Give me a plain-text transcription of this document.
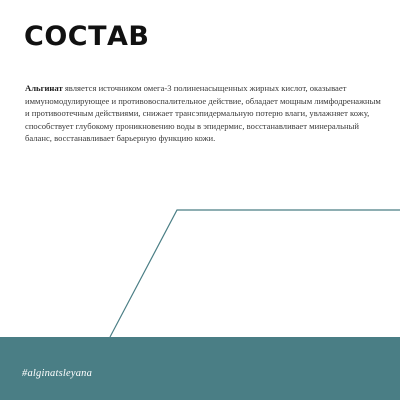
СОСТАВ
Альгинат является источником омега-3 полиненасыщенных жирных кислот, оказывает иммуномодулирующее и противовоспалительное действие, обладает мощным лимфодренажным и противоотечным действиями, снижает трансэпидермальную потерю влаги, увлажняет кожу, способствует глубокому проникновению воды в эпидермис, восстанавливает минеральный баланс, восстанавливает барьерную функцию кожи.
#alginatsleyana
